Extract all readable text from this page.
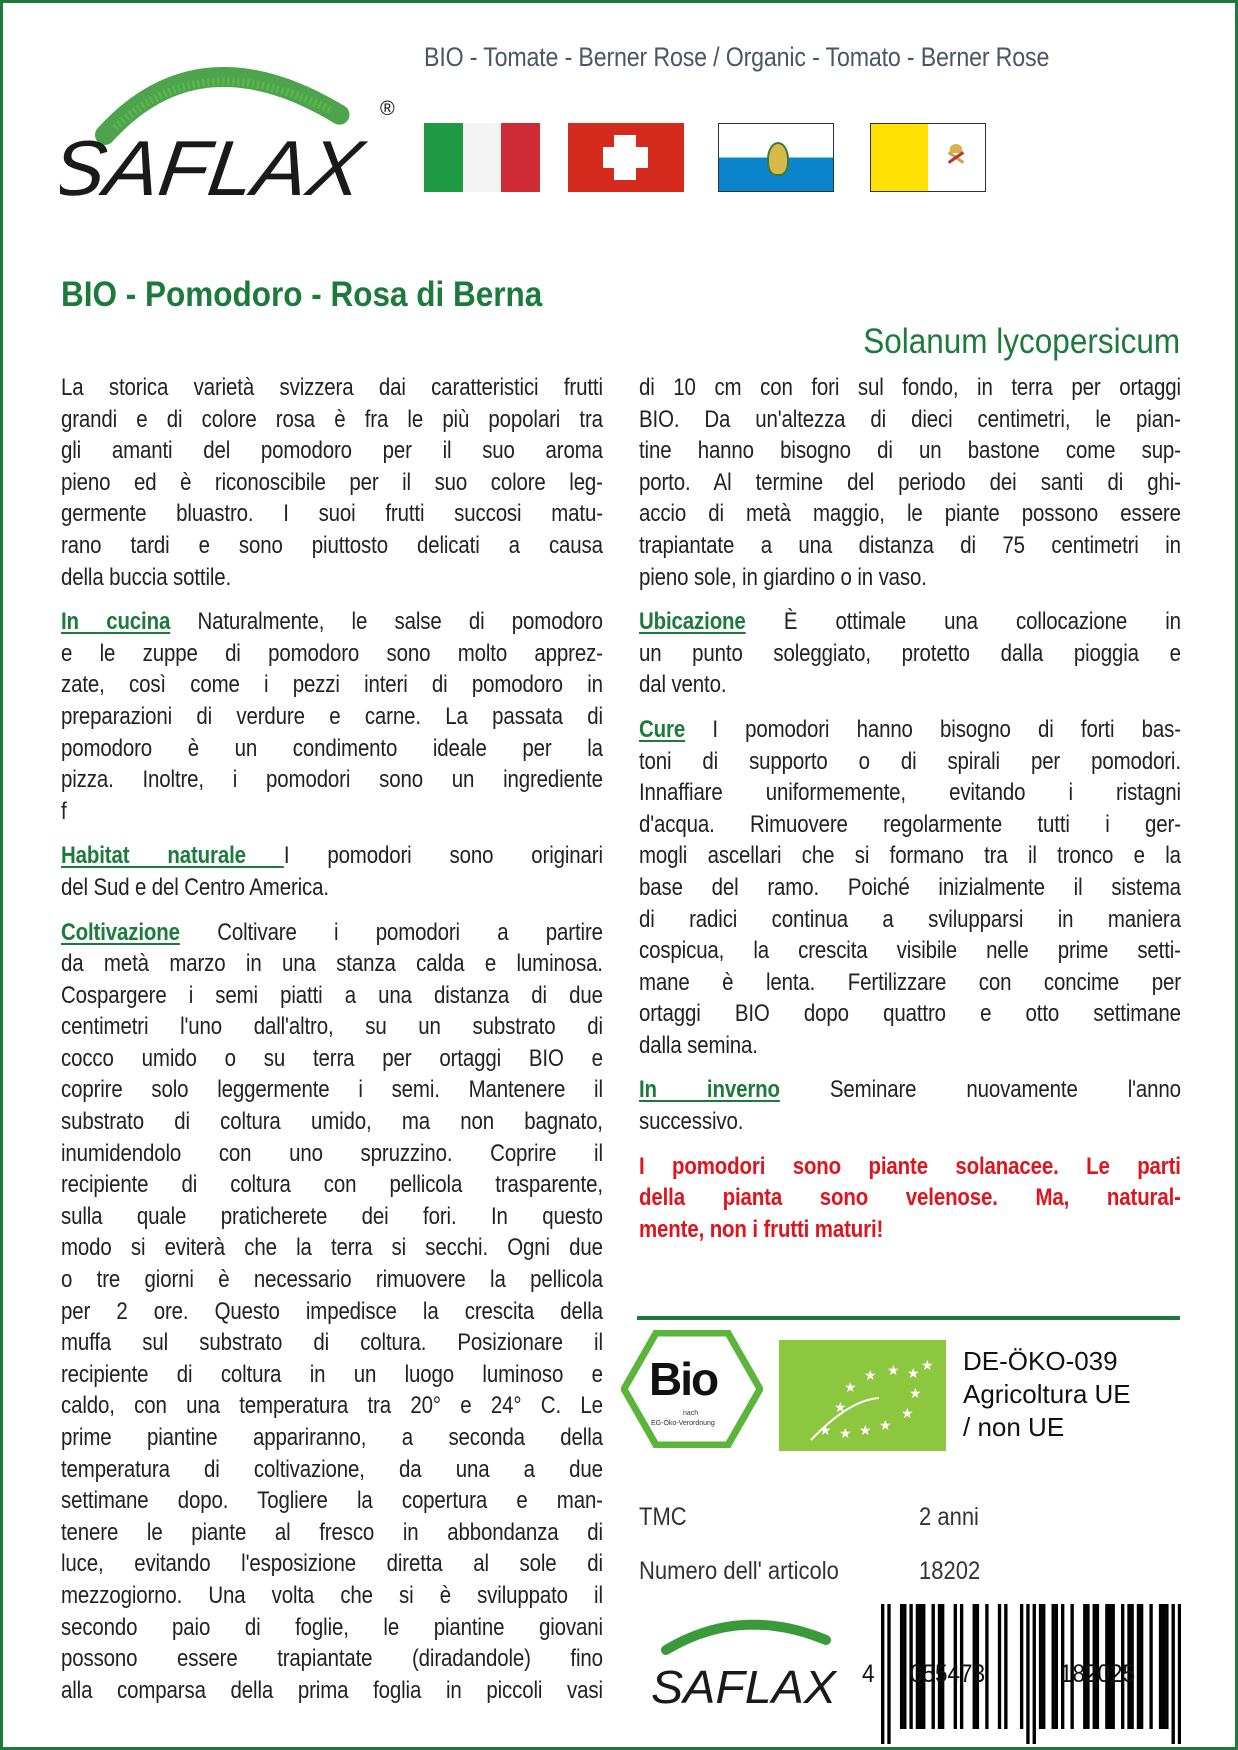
SAFLAX
®
BIO - Tomate - Berner Rose / Organic - Tomato - Berner Rose
BIO - Pomodoro - Rosa di Berna
Solanum lycopersicum
La storica varietà svizzera dai caratteristici frutti
grandi e di colore rosa è fra le più popolari tra
gli amanti del pomodoro per il suo aroma
pieno ed è riconoscibile per il suo colore leg-
germente bluastro. I suoi frutti succosi matu-
rano tardi e sono piuttosto delicati a causa
della buccia sottile.
In cucina Naturalmente, le salse di pomodoro
e le zuppe di pomodoro sono molto apprez-
zate, così come i pezzi interi di pomodoro in
preparazioni di verdure e carne. La passata di
pomodoro è un condimento ideale per la
pizza. Inoltre, i pomodori sono un ingrediente
f
Habitat naturale I pomodori sono originari
del Sud e del Centro America.
Coltivazione Coltivare i pomodori a partire
da metà marzo in una stanza calda e luminosa.
Cospargere i semi piatti a una distanza di due
centimetri l'uno dall'altro, su un substrato di
cocco umido o su terra per ortaggi BIO e
coprire solo leggermente i semi. Mantenere il
substrato di coltura umido, ma non bagnato,
inumidendolo con uno spruzzino. Coprire il
recipiente di coltura con pellicola trasparente,
sulla quale praticherete dei fori. In questo
modo si eviterà che la terra si secchi. Ogni due
o tre giorni è necessario rimuovere la pellicola
per 2 ore. Questo impedisce la crescita della
muffa sul substrato di coltura. Posizionare il
recipiente di coltura in un luogo luminoso e
caldo, con una temperatura tra 20° e 24° C. Le
prime piantine appariranno, a seconda della
temperatura di coltivazione, da una a due
settimane dopo. Togliere la copertura e man-
tenere le piante al fresco in abbondanza di
luce, evitando l'esposizione diretta al sole di
mezzogiorno. Una volta che si è sviluppato il
secondo paio di foglie, le piantine giovani
possono essere trapiantate (diradandole) fino
alla comparsa della prima foglia in piccoli vasi
di 10 cm con fori sul fondo, in terra per ortaggi
BIO. Da un'altezza di dieci centimetri, le pian-
tine hanno bisogno di un bastone come sup-
porto. Al termine del periodo dei santi di ghi-
accio di metà maggio, le piante possono essere
trapiantate a una distanza di 75 centimetri in
pieno sole, in giardino o in vaso.
Ubicazione È ottimale una collocazione in
un punto soleggiato, protetto dalla pioggia e
dal vento.
Cure I pomodori hanno bisogno di forti bas-
toni di supporto o di spirali per pomodori.
Innaffiare uniformemente, evitando i ristagni
d'acqua. Rimuovere regolarmente tutti i ger-
mogli ascellari che si formano tra il tronco e la
base del ramo. Poiché inizialmente il sistema
di radici continua a svilupparsi in maniera
cospicua, la crescita visibile nelle prime setti-
mane è lenta. Fertilizzare con concime per
ortaggi BIO dopo quattro e otto settimane
dalla semina.
In inverno Seminare nuovamente l'anno
successivo.
I pomodori sono piante solanacee. Le parti
della pianta sono velenose. Ma, natural-
mente, non i frutti maturi!
Bio
nach
EG-Öko-Verordnung	★
★
★
★ ★ ★ ★
★
★
★
★
★
DE-ÖKO-039
Agricoltura UE
/ non UE
TMC	2 anni
Numero dell' articolo	18202
SAFLAX 4 055473	182025
